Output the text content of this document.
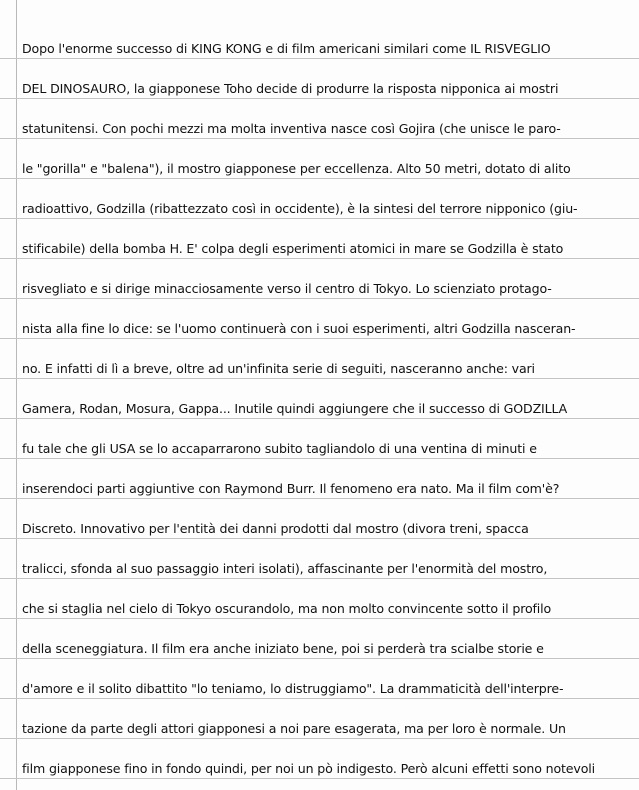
Dopo l'enorme successo di KING KONG e di film americani similari come IL RISVEGLIO
DEL DINOSAURO, la giapponese Toho decide di produrre la risposta nipponica ai mostri
statunitensi. Con pochi mezzi ma molta inventiva nasce così Gojira (che unisce le paro-
le "gorilla" e "balena"), il mostro giapponese per eccellenza. Alto 50 metri, dotato di alito
radioattivo, Godzilla (ribattezzato così in occidente), è la sintesi del terrore nipponico (giu-
stificabile) della bomba H. E' colpa degli esperimenti atomici in mare se Godzilla è stato
risvegliato e si dirige minacciosamente verso il centro di Tokyo. Lo scienziato protago-
nista alla fine lo dice: se l'uomo continuerà con i suoi esperimenti, altri Godzilla nasceran-
no. E infatti di lì a breve, oltre ad un'infinita serie di seguiti, nasceranno anche: vari
Gamera, Rodan, Mosura, Gappa... Inutile quindi aggiungere che il successo di GODZILLA
fu tale che gli USA se lo accaparrarono subito tagliandolo di una ventina di minuti e
inserendoci parti aggiuntive con Raymond Burr. Il fenomeno era nato. Ma il film com'è?
Discreto. Innovativo per l'entità dei danni prodotti dal mostro (divora treni, spacca
tralicci, sfonda al suo passaggio interi isolati), affascinante per l'enormità del mostro,
che si staglia nel cielo di Tokyo oscurandolo, ma non molto convincente sotto il profilo
della sceneggiatura. Il film era anche iniziato bene, poi si perderà tra scialbe storie e
d'amore e il solito dibattito "lo teniamo, lo distruggiamo". La drammaticità dell'interpre-
tazione da parte degli attori giapponesi a noi pare esagerata, ma per loro è normale. Un
film giapponese fino in fondo quindi, per noi un pò indigesto. Però alcuni effetti sono notevoli
